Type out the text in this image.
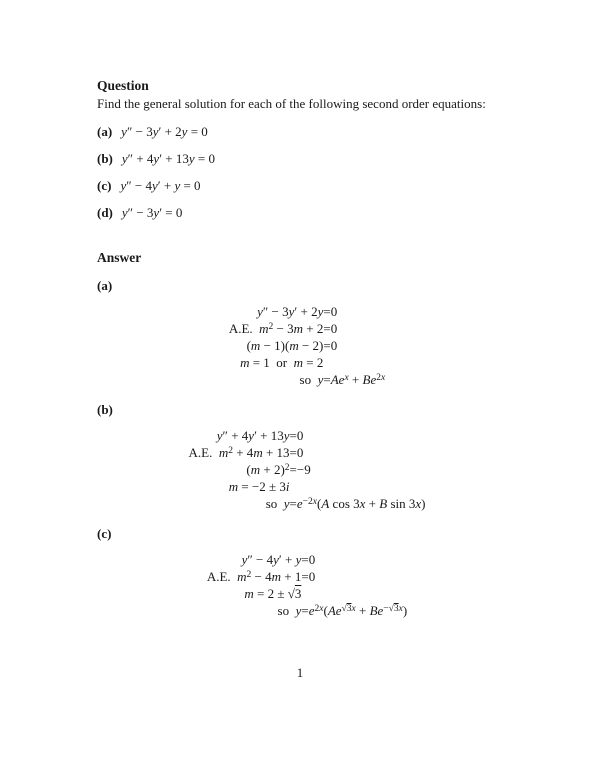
Question

Find the general solution for each of the following second order equations:

(a) y″ − 3y′ + 2y = 0
(b) y″ + 4y′ + 13y = 0
(c) y″ − 4y′ + y = 0
(d) y″ − 3y′ = 0
Answer
(a)
y″ − 3y′ + 2y	=	0
A.E. $m^2 - 3m + 2$	=	0
(m − 1)(m − 2)	=	0
m = 1 or m = 2		
so y	=	$Ae^x + Be^{2x}$
(b)
y″ + 4y′ + 13y	=	0
A.E. $m^2 + 4m + 13$	=	0
$(m + 2)^2$	=	−9
m = −2 ± 3i		
so y	=	$e^{-2x}(A$ cos 3x + B sin 3x)
(c)
y″ − 4y′ + y	=	0
A.E. $m^2 - 4m + 1$	=	0
m = 2 ± √3		
so y	=	$e^{2x}(Ae^{√3x} + Be^{-√3x})$
1
